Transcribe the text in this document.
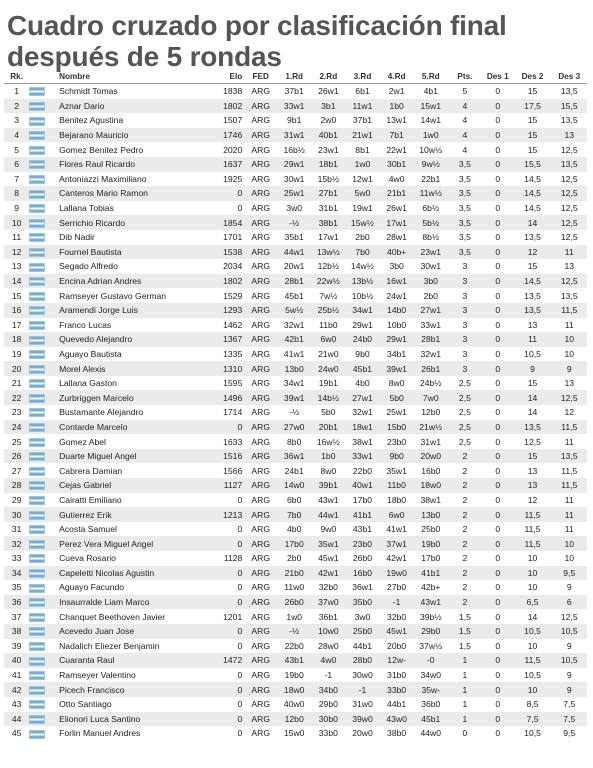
Cuadro cruzado por clasificación final después de 5 rondas
Rk.		Nombre	Elo	FED	1.Rd	2.Rd	3.Rd	4.Rd	5.Rd	Pts.	Des 1	Des 2	Des 3
1		Schmidt Tomas	1838	ARG	37b1	26w1	6b1	2w1	4b1	5	0	15	13,5
2		Aznar Dario	1802	ARG	33w1	3b1	11w1	1b0	15w1	4	0	17,5	15,5
3		Benitez Agustina	1507	ARG	9b1	2w0	37b1	13w1	14w1	4	0	15	13,5
4		Bejarano Mauricio	1746	ARG	31w1	40b1	21w1	7b1	1w0	4	0	15	13
5		Gomez Benitez Pedro	2020	ARG	16b½	23w1	8b1	22w1	10w½	4	0	15	12,5
6		Flores Raul Ricardo	1637	ARG	29w1	18b1	1w0	30b1	9w½	3,5	0	15,5	13,5
7		Antoniazzi Maximiliano	1925	ARG	30w1	15b½	12w1	4w0	22b1	3,5	0	14,5	12,5
8		Canteros Mario Ramon	0	ARG	25w1	27b1	5w0	21b1	11w½	3,5	0	14,5	12,5
9		Lallana Tobias	0	ARG	3w0	31b1	19w1	26w1	6b½	3,5	0	14,5	12,5
10		Serrichio Ricardo	1854	ARG	-½	38b1	15w½	17w1	5b½	3,5	0	14	12,5
11		Dib Nadir	1701	ARG	35b1	17w1	2b0	28w1	8b½	3,5	0	13,5	12,5
12		Fournel Bautista	1538	ARG	44w1	13w½	7b0	40b+	23w1	3,5	0	12	11
13		Segado Alfredo	2034	ARG	20w1	12b½	14w½	3b0	30w1	3	0	15	13
14		Encina Adrian Andres	1802	ARG	28b1	22w½	13b½	16w1	3b0	3	0	14,5	12,5
15		Ramseyer Gustavo German	1529	ARG	45b1	7w½	10b½	24w1	2b0	3	0	13,5	13,5
16		Aramendi Jorge Luis	1293	ARG	5w½	25b½	34w1	14b0	27w1	3	0	13,5	11,5
17		Franco Lucas	1462	ARG	32w1	11b0	29w1	10b0	33w1	3	0	13	11
18		Quevedo Alejandro	1367	ARG	42b1	6w0	24b0	29w1	28b1	3	0	11	10
19		Aguayo Bautista	1335	ARG	41w1	21w0	9b0	34b1	32w1	3	0	10,5	10
20		Morel Alexis	1310	ARG	13b0	24w0	45b1	39w1	26b1	3	0	9	9
21		Lallana Gaston	1595	ARG	34w1	19b1	4b0	8w0	24b½	2,5	0	15	13
22		Zurbriggen Marcelo	1496	ARG	39w1	14b½	27w1	5b0	7w0	2,5	0	14	12,5
23		Bustamante Alejandro	1714	ARG	-½	5b0	32w1	25w1	12b0	2,5	0	14	12
24		Contarde Marcelo	0	ARG	27w0	20b1	18w1	15b0	21w½	2,5	0	13,5	11,5
25		Gomez Abel	1633	ARG	8b0	16w½	38w1	23b0	31w1	2,5	0	12,5	11
26		Duarte Miguel Angel	1516	ARG	36w1	1b0	33w1	9b0	20w0	2	0	15	13,5
27		Cabrera Damian	1566	ARG	24b1	8w0	22b0	35w1	16b0	2	0	13	11,5
28		Cejas Gabriel	1127	ARG	14w0	39b1	40w1	11b0	18w0	2	0	13	11,5
29		Cairatti Emiliano	0	ARG	6b0	43w1	17b0	18b0	38w1	2	0	12	11
30		Gutierrez Erik	1213	ARG	7b0	44w1	41b1	6w0	13b0	2	0	11,5	11
31		Acosta Samuel	0	ARG	4b0	9w0	43b1	41w1	25b0	2	0	11,5	11
32		Perez Vera Miguel Angel	0	ARG	17b0	35w1	23b0	37w1	19b0	2	0	11,5	10
33		Cueva Rosario	1128	ARG	2b0	45w1	26b0	42w1	17b0	2	0	10	10
34		Capeletti Nicolas Agustin	0	ARG	21b0	42w1	16b0	19w0	41b1	2	0	10	9,5
35		Aguayo Facundo	0	ARG	11w0	32b0	36w1	27b0	42b+	2	0	10	9
36		Insaurralde Liam Marco	0	ARG	26b0	37w0	35b0	-1	43w1	2	0	6,5	6
37		Chanquet Beethoven Javier	1201	ARG	1w0	36b1	3w0	32b0	39b½	1,5	0	14	12,5
38		Acevedo Juan Jose	0	ARG	-½	10w0	25b0	45w1	29b0	1,5	0	10,5	10,5
39		Nadalich Eliezer Benjamin	0	ARG	22b0	28w0	44b1	20b0	37w½	1,5	0	10	9
40		Cuaranta Raul	1472	ARG	43b1	4w0	28b0	12w-	-0	1	0	11,5	10,5
41		Ramseyer Valentino	0	ARG	19b0	-1	30w0	31b0	34w0	1	0	10,5	9
42		Picech Francisco	0	ARG	18w0	34b0	-1	33b0	35w-	1	0	10	9
43		Otto Santiago	0	ARG	40w0	29b0	31w0	44b1	36b0	1	0	8,5	7,5
44		Elionori Luca Santino	0	ARG	12b0	30b0	39w0	43w0	45b1	1	0	7,5	7,5
45		Forlin Manuel Andres	0	ARG	15w0	33b0	20w0	38b0	44w0	0	0	10,5	9,5
